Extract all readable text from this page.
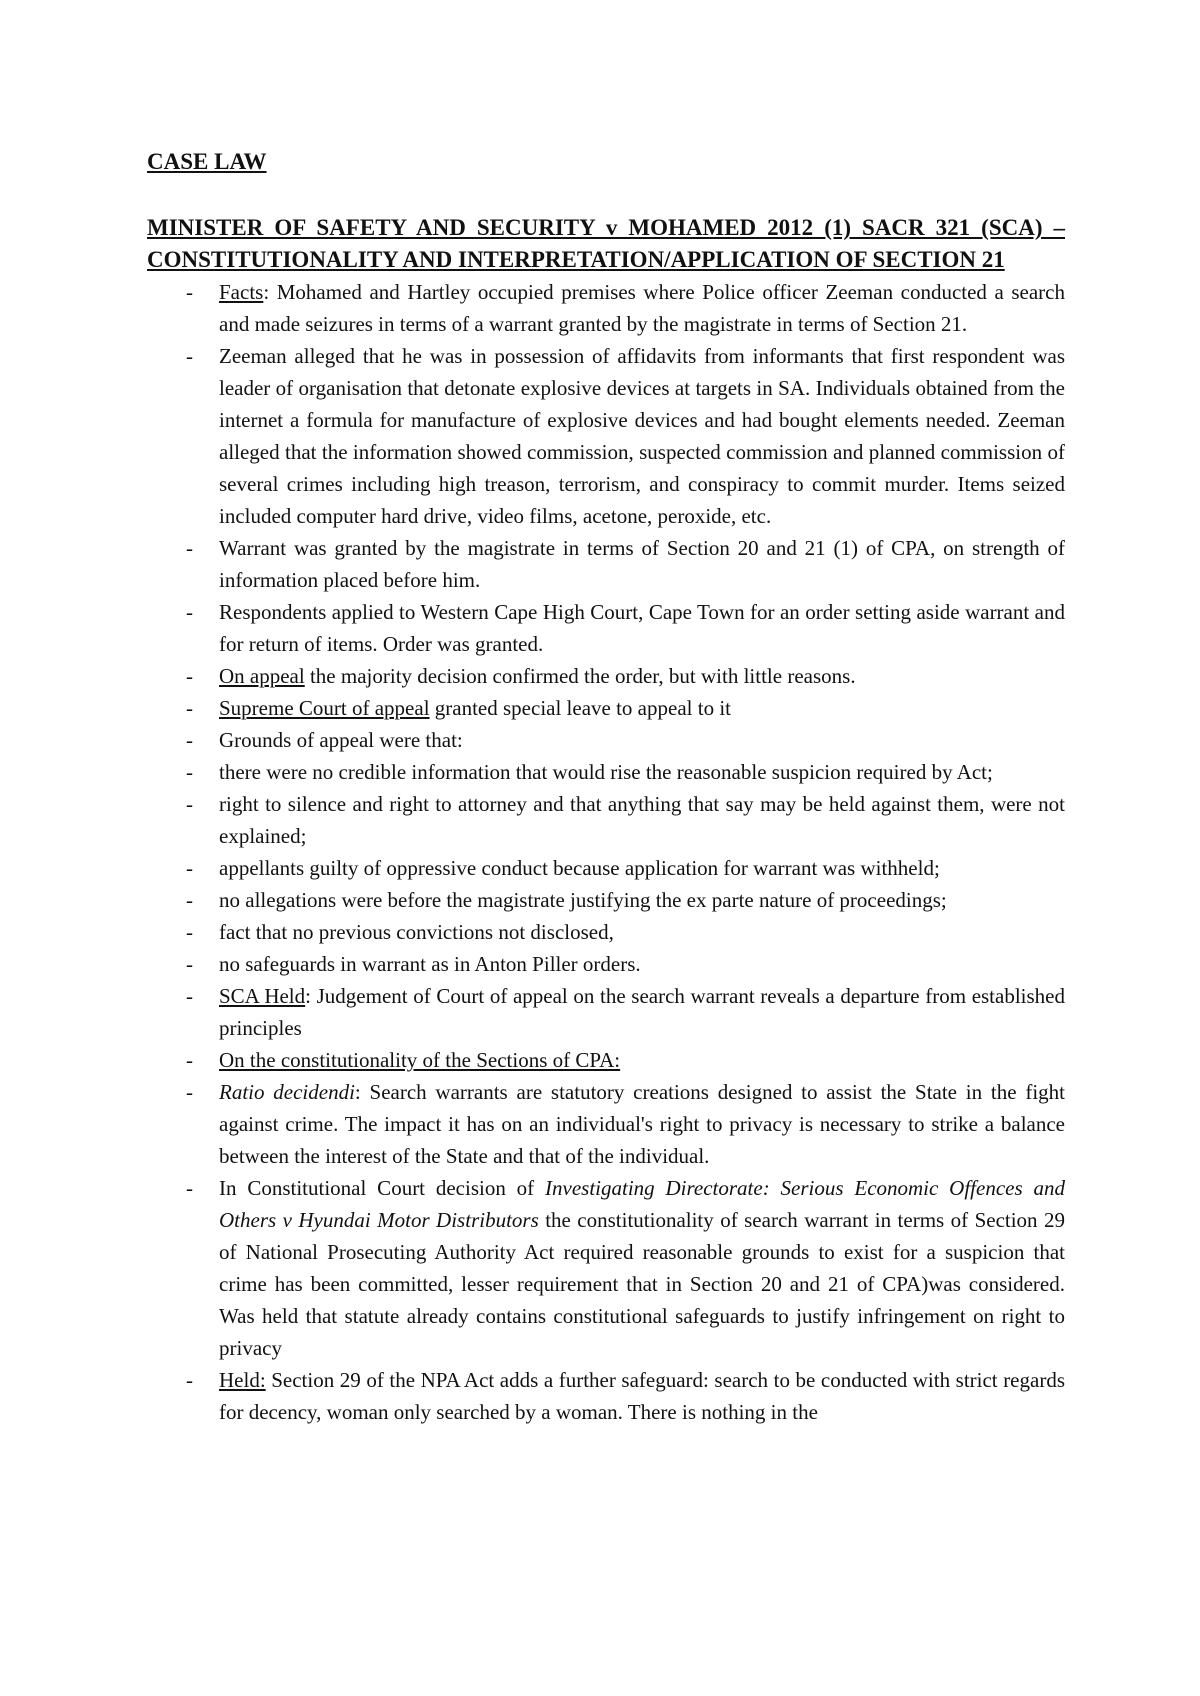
CASE LAW

MINISTER OF SAFETY AND SECURITY v MOHAMED 2012 (1) SACR 321 (SCA) –

CONSTITUTIONALITY AND INTERPRETATION/APPLICATION OF SECTION 21

- Facts: Mohamed and Hartley occupied premises where Police officer Zeeman conducted a search and made seizures in terms of a warrant granted by the magistrate in terms of Section 21.
- Zeeman alleged that he was in possession of affidavits from informants that first respondent was leader of organisation that detonate explosive devices at targets in SA. Individuals obtained from the internet a formula for manufacture of explosive devices and had bought elements needed. Zeeman alleged that the information showed commission, suspected commission and planned commission of several crimes including high treason, terrorism, and conspiracy to commit murder. Items seized included computer hard drive, video films, acetone, peroxide, etc.
- Warrant was granted by the magistrate in terms of Section 20 and 21 (1) of CPA, on strength of information placed before him.
- Respondents applied to Western Cape High Court, Cape Town for an order setting aside warrant and for return of items. Order was granted.
- On appeal the majority decision confirmed the order, but with little reasons.
- Supreme Court of appeal granted special leave to appeal to it
- Grounds of appeal were that:
- there were no credible information that would rise the reasonable suspicion required by Act;
- right to silence and right to attorney and that anything that say may be held against them, were not explained;
- appellants guilty of oppressive conduct because application for warrant was withheld;
- no allegations were before the magistrate justifying the ex parte nature of proceedings;
- fact that no previous convictions not disclosed,
- no safeguards in warrant as in Anton Piller orders.
- SCA Held: Judgement of Court of appeal on the search warrant reveals a departure from established principles
- On the constitutionality of the Sections of CPA:
- Ratio decidendi: Search warrants are statutory creations designed to assist the State in the fight against crime. The impact it has on an individual's right to privacy is necessary to strike a balance between the interest of the State and that of the individual.
- In Constitutional Court decision of Investigating Directorate: Serious Economic Offences and Others v Hyundai Motor Distributors the constitutionality of search warrant in terms of Section 29 of National Prosecuting Authority Act required reasonable grounds to exist for a suspicion that crime has been committed, lesser requirement that in Section 20 and 21 of CPA)was considered. Was held that statute already contains constitutional safeguards to justify infringement on right to privacy
- Held: Section 29 of the NPA Act adds a further safeguard: search to be conducted with strict regards for decency, woman only searched by a woman. There is nothing in the
